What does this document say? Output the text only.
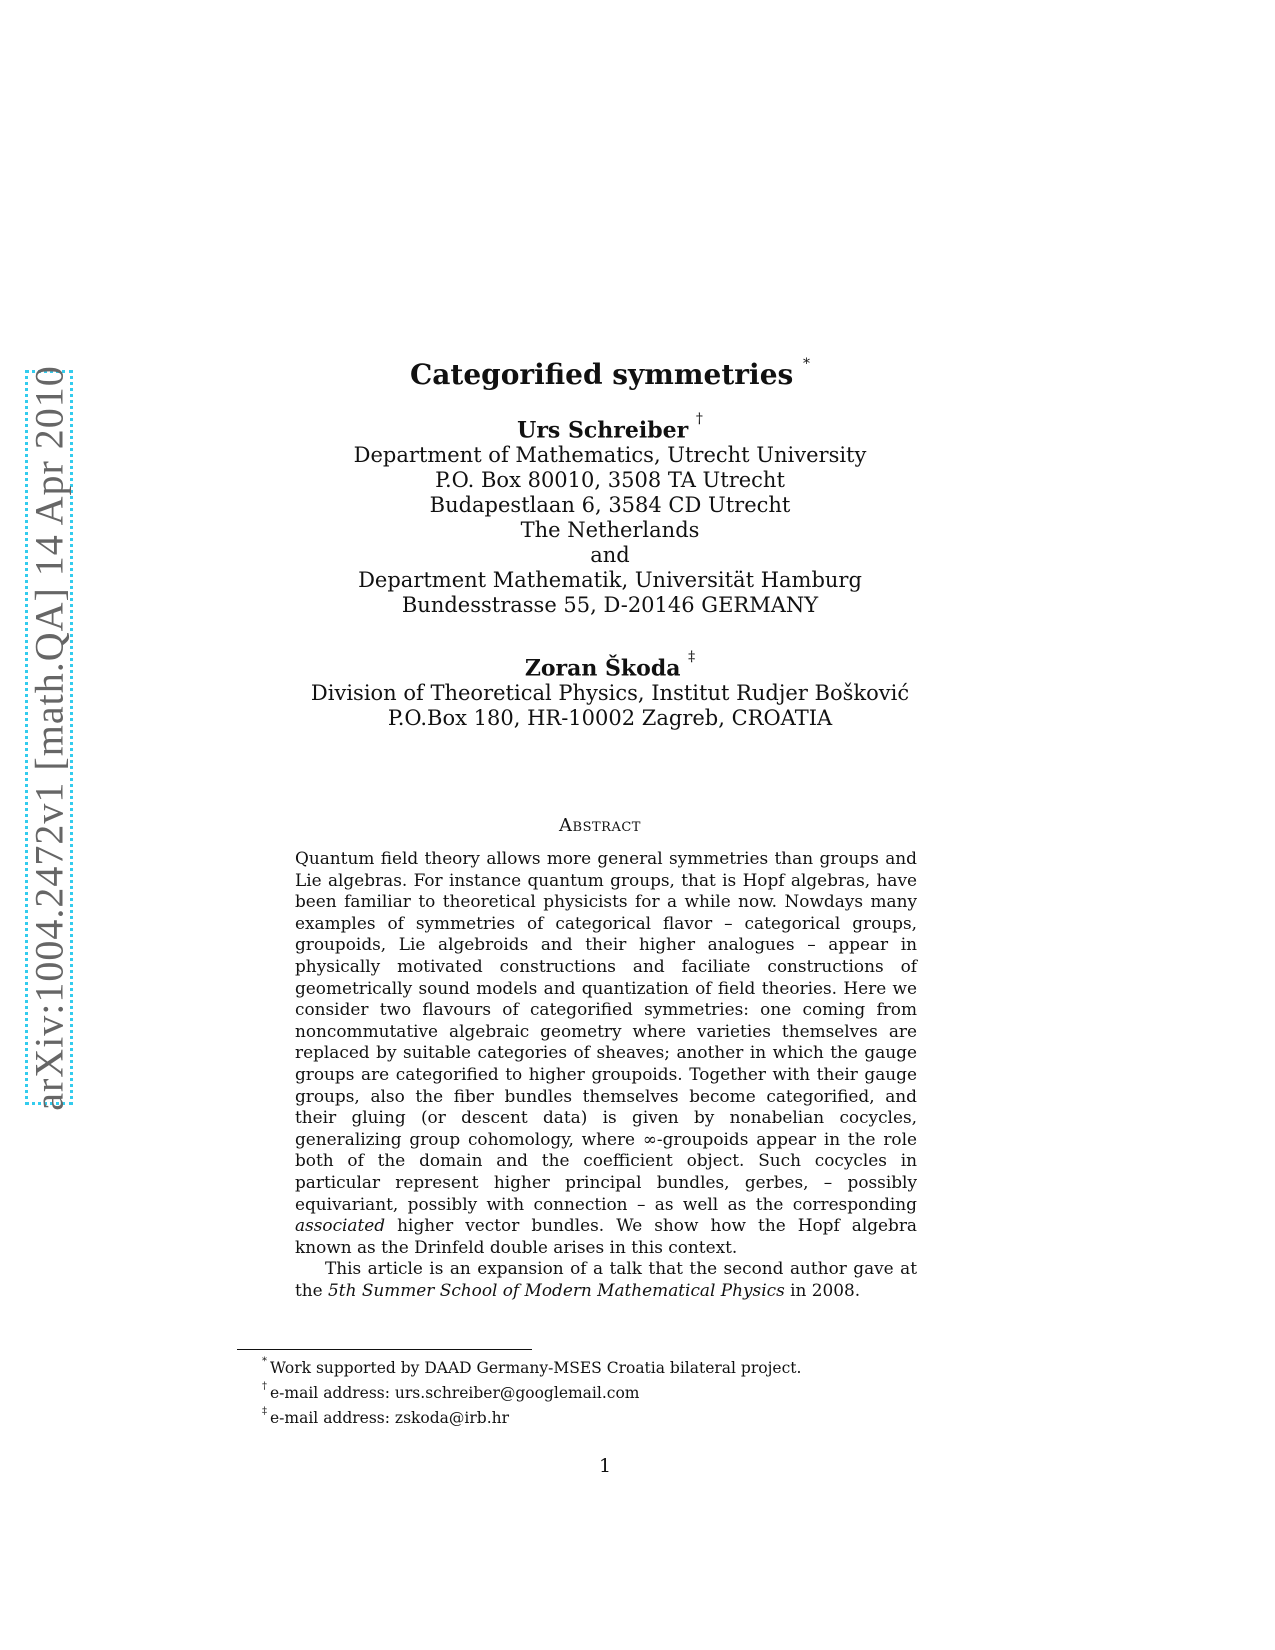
arXiv:1004.2472v1 [math.QA] 14 Apr 2010	Categorified symmetries *
Urs Schreiber †
Department of Mathematics, Utrecht University
P.O. Box 80010, 3508 TA Utrecht
Budapestlaan 6, 3584 CD Utrecht
The Netherlands
and
Department Mathematik, Universität Hamburg
Bundesstrasse 55, D-20146 GERMANY
Zoran Škoda ‡
Division of Theoretical Physics, Institut Rudjer Bošković
P.O.Box 180, HR-10002 Zagreb, CROATIA
Abstract

Quantum field theory allows more general symmetries than groups and Lie algebras. For instance quantum groups, that is Hopf algebras, have been familiar to theoretical physicists for a while now. Nowdays many examples of symmetries of categorical flavor – categorical groups, groupoids, Lie algebroids and their higher analogues – appear in physically motivated constructions and faciliate constructions of geometrically sound models and quantization of field theories. Here we consider two flavours of categorified symmetries: one coming from noncommutative algebraic geometry where varieties themselves are replaced by suitable categories of sheaves; another in which the gauge groups are categorified to higher groupoids. Together with their gauge groups, also the fiber bundles themselves become categorified, and their gluing (or descent data) is given by nonabelian cocycles, generalizing group cohomology, where ∞-groupoids appear in the role both of the domain and the coefficient object. Such cocycles in particular represent higher principal bundles, gerbes, – possibly equivariant, possibly with connection – as well as the corresponding associated higher vector bundles. We show how the Hopf algebra known as the Drinfeld double arises in this context.

This article is an expansion of a talk that the second author gave at the 5th Summer School of Modern Mathematical Physics in 2008.

* Work supported by DAAD Germany-MSES Croatia bilateral project.
† e-mail address: urs.schreiber@googlemail.com
‡ e-mail address: zskoda@irb.hr
1
